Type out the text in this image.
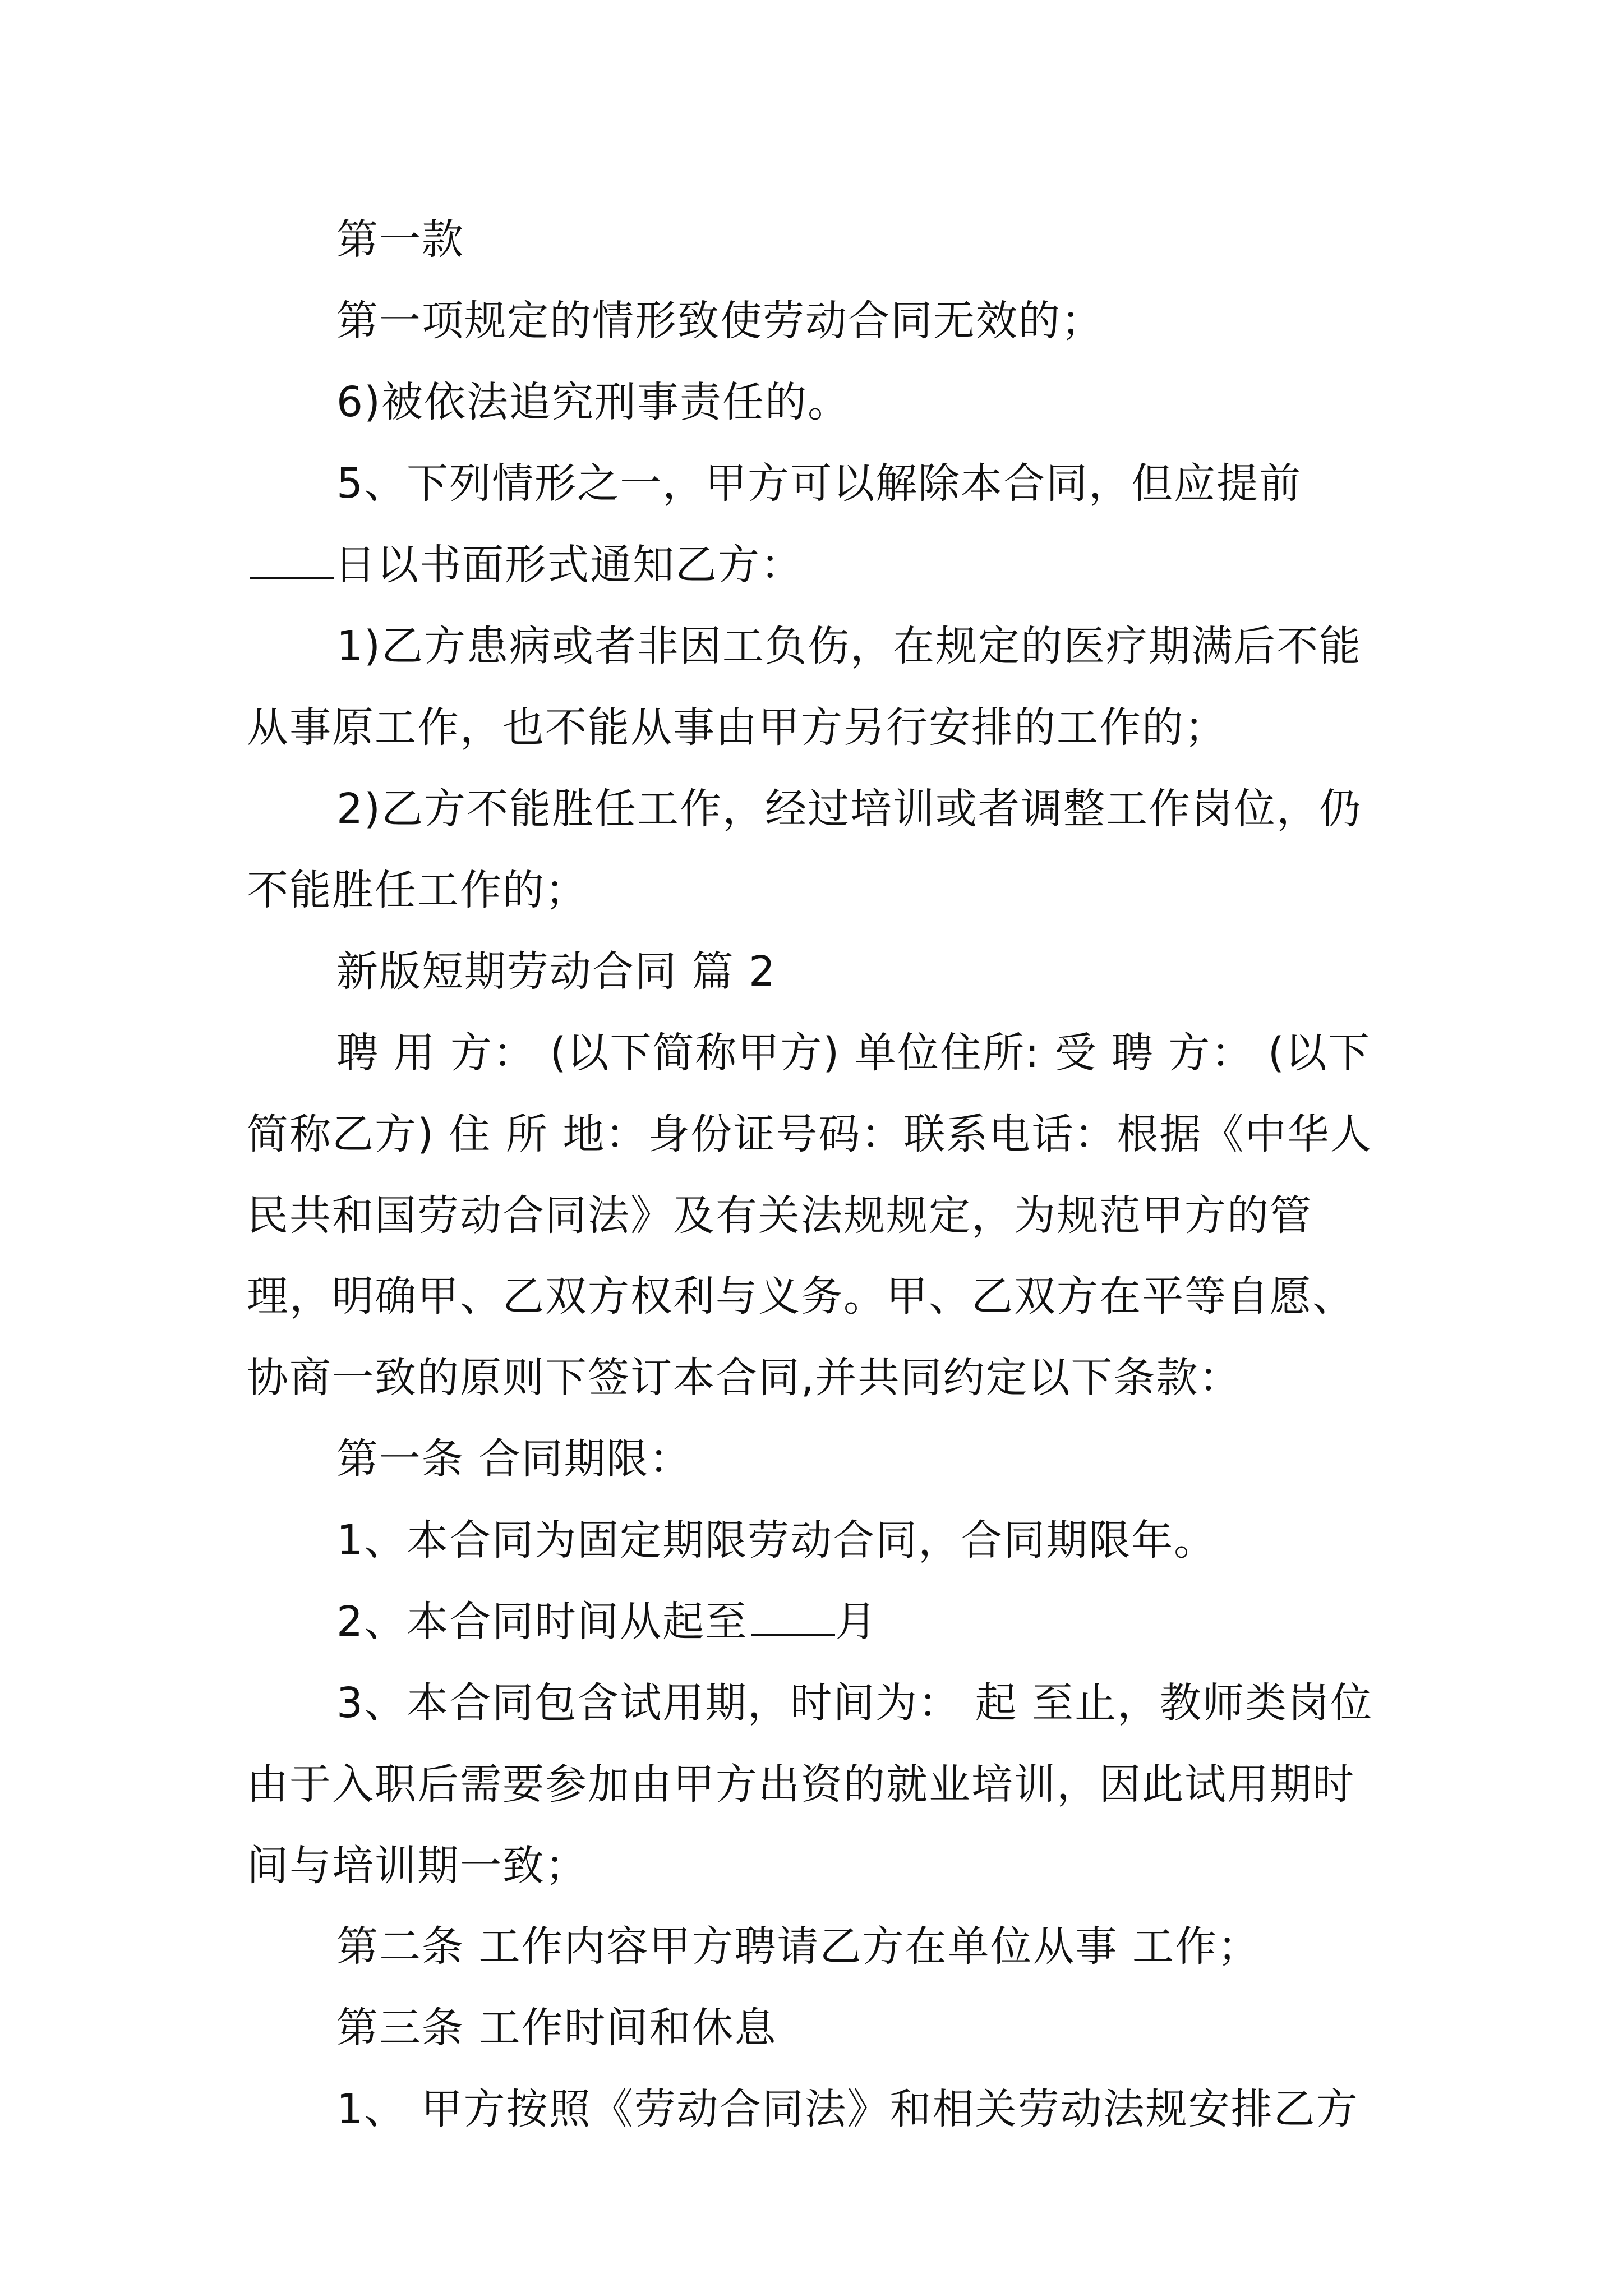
第一款

第一项规定的情形致使劳动合同无效的；

6)被依法追究刑事责任的。

5、下列情形之一，甲方可以解除本合同，但应提前日以书面形式通知乙方：

1)乙方患病或者非因工负伤，在规定的医疗期满后不能从事原工作，也不能从事由甲方另行安排的工作的；

2)乙方不能胜任工作，经过培训或者调整工作岗位，仍不能胜任工作的；

新版短期劳动合同 篇 2

聘 用 方： (以下简称甲方) 单位住所: 受 聘 方： (以下简称乙方) 住 所 地：身份证号码：联系电话：根据《中华人民共和国劳动合同法》及有关法规规定，为规范甲方的管理，明确甲、乙双方权利与义务。甲、乙双方在平等自愿、协商一致的原则下签订本合同,并共同约定以下条款：

第一条 合同期限：

1、本合同为固定期限劳动合同，合同期限年。

2、本合同时间从起至 月

3、本合同包含试用期，时间为： 起 至止，教师类岗位由于入职后需要参加由甲方出资的就业培训，因此试用期时间与培训期一致；

第二条 工作内容甲方聘请乙方在单位从事 工作；

第三条 工作时间和休息

1、 甲方按照《劳动合同法》和相关劳动法规安排乙方
